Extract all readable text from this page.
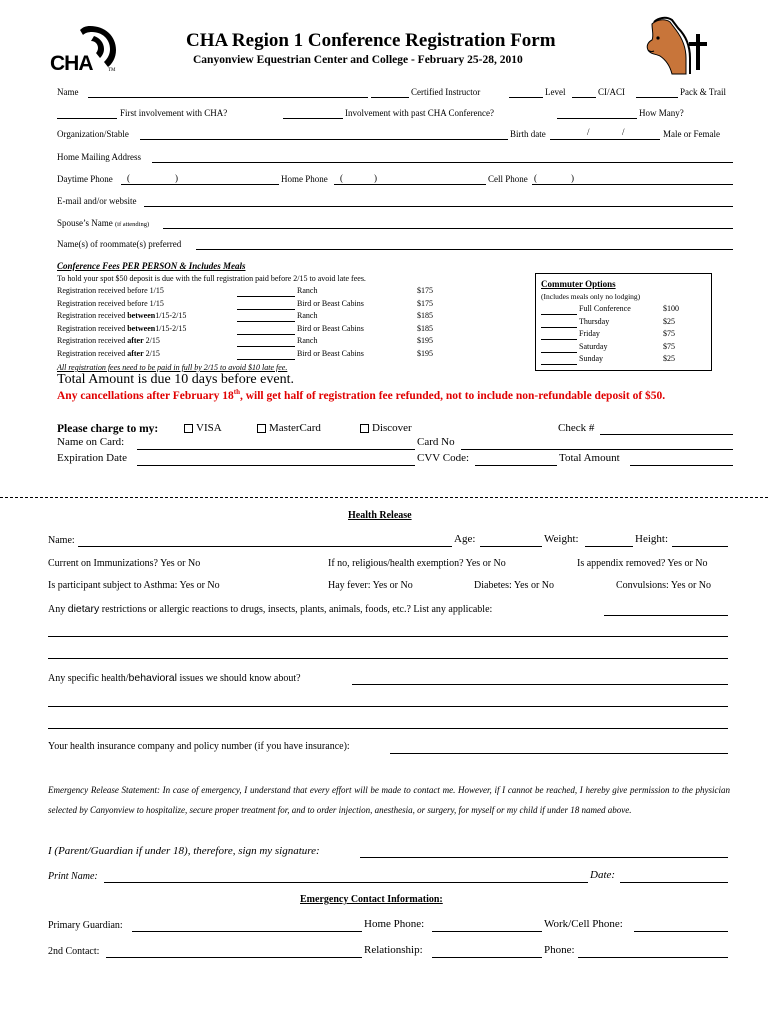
CHA	TM
CHA Region 1 Conference Registration Form
Canyonview Equestrian Center and College - February 25-28, 2010
Name	Certified Instructor	Level	CI/ACI	Pack & Trail
First involvement with CHA?	Involvement with past CHA Conference?	How Many?
Organization/Stable	Birth date	/	/	Male or Female
Home Mailing Address
Daytime Phone (	)	Home Phone (	)	Cell Phone (	)
E-mail and/or website
Spouse’s Name (if attending)
Name(s) of roommate(s) preferred
Conference Fees PER PERSON & Includes Meals
To hold your spot $50 deposit is due with the full registration paid before 2/15 to avoid late fees.
Registration received before 1/15	Ranch	$175
Registration received before 1/15	Bird or Beast Cabins	$175
Registration received between1/15-2/15	Ranch	$185
Registration received between1/15-2/15	Bird or Beast Cabins	$185
Registration received after 2/15	Ranch	$195
Registration received after 2/15	Bird or Beast Cabins	$195
All registration fees need to be paid in full by 2/15 to avoid $10 late fee.
Commuter Options
(Includes meals only no lodging)
Full Conference	$100
Thursday	$25
Friday	$75
Saturday	$75
Sunday	$25
Total Amount is due 10 days before event.
Any cancellations after February 18th, will get half of registration fee refunded, not to include non-refundable deposit of $50.
Please charge to my:	VISA	MasterCard	Discover	Check #
Name on Card:	Card No
Expiration Date	CVV Code:	Total Amount
Health Release
Name:	Age:	Weight:	Height:
Current on Immunizations? Yes or No	If no, religious/health exemption? Yes or No	Is appendix removed? Yes or No
Is participant subject to Asthma: Yes or No	Hay fever: Yes or No	Diabetes: Yes or No	Convulsions: Yes or No
Any dietary restrictions or allergic reactions to drugs, insects, plants, animals, foods, etc.? List any applicable:
Any specific health/behavioral issues we should know about?
Your health insurance company and policy number (if you have insurance):
Emergency Release Statement: In case of emergency, I understand that every effort will be made to contact me. However, if I cannot be reached, I hereby give permission to the physician selected by Canyonview to hospitalize, secure proper treatment for, and to order injection, anesthesia, or surgery, for myself or my child if under 18 named above.
I (Parent/Guardian if under 18), therefore, sign my signature:
Print Name:	Date:
Emergency Contact Information:
Primary Guardian:	Home Phone:	Work/Cell Phone:
2nd Contact:	Relationship:	Phone:
